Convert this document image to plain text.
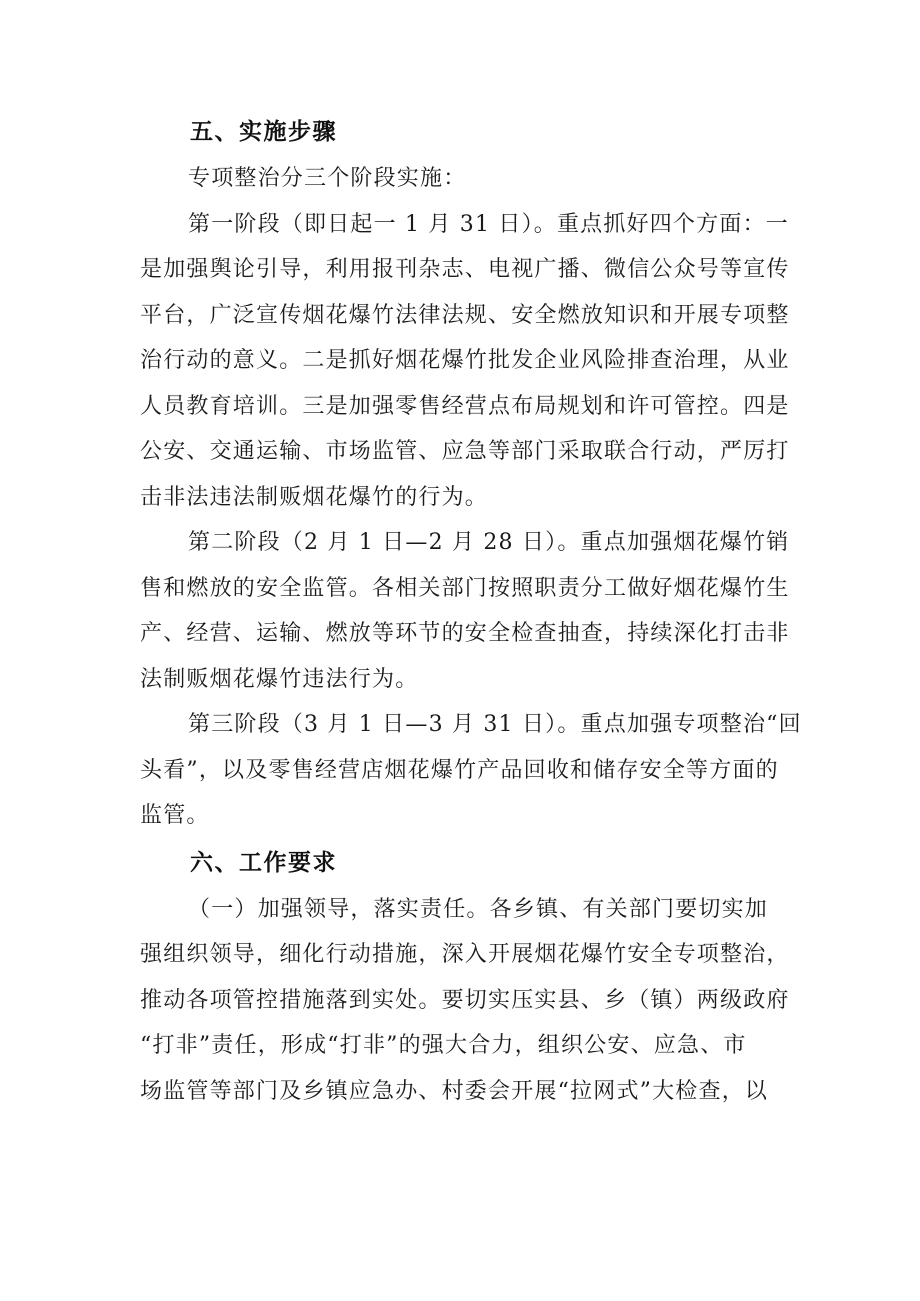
五、实施步骤
专项整治分三个阶段实施：
第一阶段（即日起一 1 月 31 日）。重点抓好四个方面：一
是加强舆论引导，利用报刊杂志、电视广播、微信公众号等宣传
平台，广泛宣传烟花爆竹法律法规、安全燃放知识和开展专项整
治行动的意义。二是抓好烟花爆竹批发企业风险排查治理，从业
人员教育培训。三是加强零售经营点布局规划和许可管控。四是
公安、交通运输、市场监管、应急等部门采取联合行动，严厉打
击非法违法制贩烟花爆竹的行为。
第二阶段（2 月 1 日—2 月 28 日）。重点加强烟花爆竹销
售和燃放的安全监管。各相关部门按照职责分工做好烟花爆竹生
产、经营、运输、燃放等环节的安全检查抽查，持续深化打击非
法制贩烟花爆竹违法行为。
第三阶段（3 月 1 日—3 月 31 日）。重点加强专项整治“回
头看”，以及零售经营店烟花爆竹产品回收和储存安全等方面的
监管。
六、工作要求
（一）加强领导，落实责任。各乡镇、有关部门要切实加
强组织领导，细化行动措施，深入开展烟花爆竹安全专项整治，
推动各项管控措施落到实处。要切实压实县、乡（镇）两级政府
“打非”责任，形成“打非”的强大合力，组织公安、应急、市
场监管等部门及乡镇应急办、村委会开展“拉网式”大检查，以
